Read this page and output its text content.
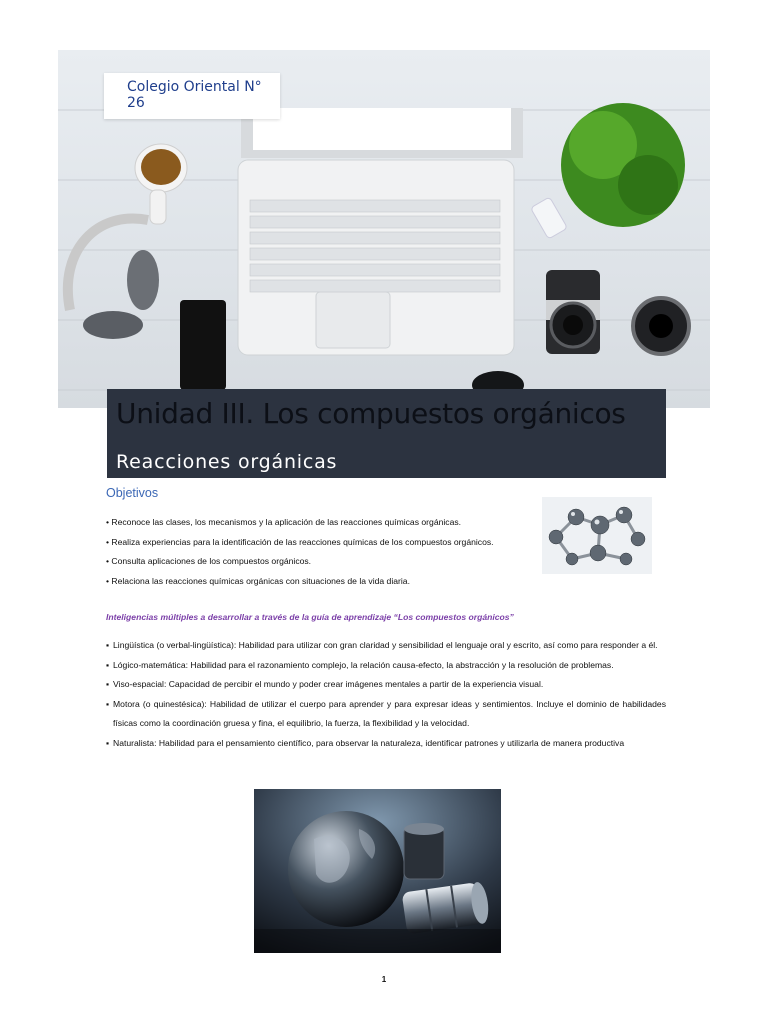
Colegio Oriental N° 26
Unidad III. Los compuestos orgánicos
Reacciones orgánicas
Objetivos
• Reconoce las clases, los mecanismos y la aplicación de las reacciones químicas orgánicas.
• Realiza experiencias para la identificación de las reacciones químicas de los compuestos orgánicos.
• Consulta aplicaciones de los compuestos orgánicos.
• Relaciona las reacciones químicas orgánicas con situaciones de la vida diaria.
Inteligencias múltiples a desarrollar a través de la guía de aprendizaje “Los compuestos orgánicos”
▪ Lingüística (o verbal-lingüística): Habilidad para utilizar con gran claridad y sensibilidad el lenguaje oral y escrito, así como para responder a él.
▪ Lógico-matemática: Habilidad para el razonamiento complejo, la relación causa-efecto, la abstracción y la resolución de problemas.
▪ Viso-espacial: Capacidad de percibir el mundo y poder crear imágenes mentales a partir de la experiencia visual.
▪ Motora (o quinestésica): Habilidad de utilizar el cuerpo para aprender y para expresar ideas y sentimientos. Incluye el dominio de habilidades físicas como la coordinación gruesa y fina, el equilibrio, la fuerza, la flexibilidad y la velocidad.
▪ Naturalista: Habilidad para el pensamiento científico, para observar la naturaleza, identificar patrones y utilizarla de manera productiva
1
